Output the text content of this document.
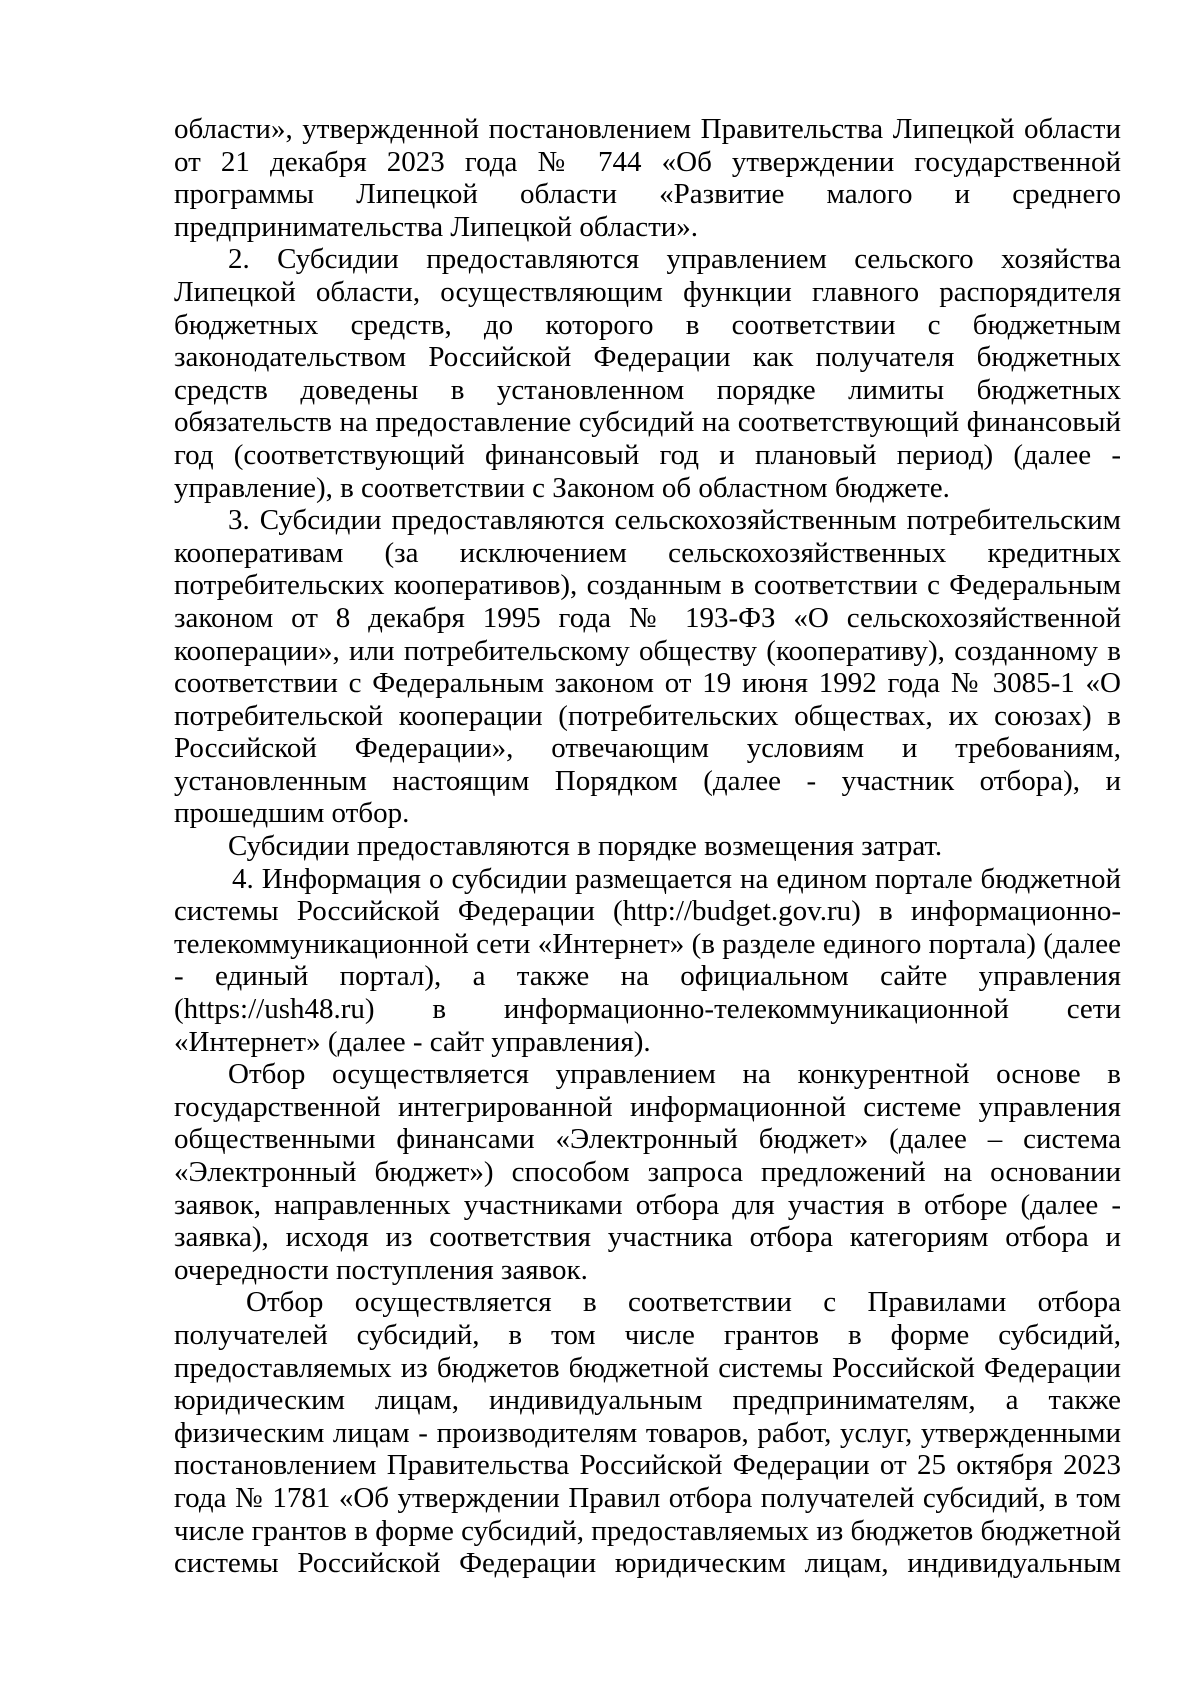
области», утвержденной постановлением Правительства Липецкой области от 21 декабря 2023 года № 744 «Об утверждении государственной программы Липецкой области «Развитие малого и среднего предпринимательства Липецкой области».

2. Субсидии предоставляются управлением сельского хозяйства Липецкой области, осуществляющим функции главного распорядителя бюджетных средств, до которого в соответствии с бюджетным законодательством Российской Федерации как получателя бюджетных средств доведены в установленном порядке лимиты бюджетных обязательств на предоставление субсидий на соответствующий финансовый год (соответствующий финансовый год и плановый период) (далее - управление), в соответствии с Законом об областном бюджете.

3. Субсидии предоставляются сельскохозяйственным потребительским кооперативам (за исключением сельскохозяйственных кредитных потребительских кооперативов), созданным в соответствии с Федеральным законом от 8 декабря 1995 года № 193-ФЗ «О сельскохозяйственной кооперации», или потребительскому обществу (кооперативу), созданному в соответствии с Федеральным законом от 19 июня 1992 года № 3085-1 «О потребительской кооперации (потребительских обществах, их союзах) в Российской Федерации», отвечающим условиям и требованиям, установленным настоящим Порядком (далее - участник отбора), и прошедшим отбор.

Субсидии предоставляются в порядке возмещения затрат.

4. Информация о субсидии размещается на едином портале бюджетной системы Российской Федерации (http://budget.gov.ru) в информационно-телекоммуникационной сети «Интернет» (в разделе единого портала) (далее - единый портал), а также на официальном сайте управления (https://ush48.ru) в информационно-телекоммуникационной сети «Интернет» (далее - сайт управления).

Отбор осуществляется управлением на конкурентной основе в государственной интегрированной информационной системе управления общественными финансами «Электронный бюджет» (далее – система «Электронный бюджет») способом запроса предложений на основании заявок, направленных участниками отбора для участия в отборе (далее - заявка), исходя из соответствия участника отбора категориям отбора и очередности поступления заявок.

Отбор осуществляется в соответствии с Правилами отбора получателей субсидий, в том числе грантов в форме субсидий, предоставляемых из бюджетов бюджетной системы Российской Федерации юридическим лицам, индивидуальным предпринимателям, а также физическим лицам - производителям товаров, работ, услуг, утвержденными постановлением Правительства Российской Федерации от 25 октября 2023 года № 1781 «Об утверждении Правил отбора получателей субсидий, в том числе грантов в форме субсидий, предоставляемых из бюджетов бюджетной системы Российской Федерации юридическим лицам, индивидуальным
